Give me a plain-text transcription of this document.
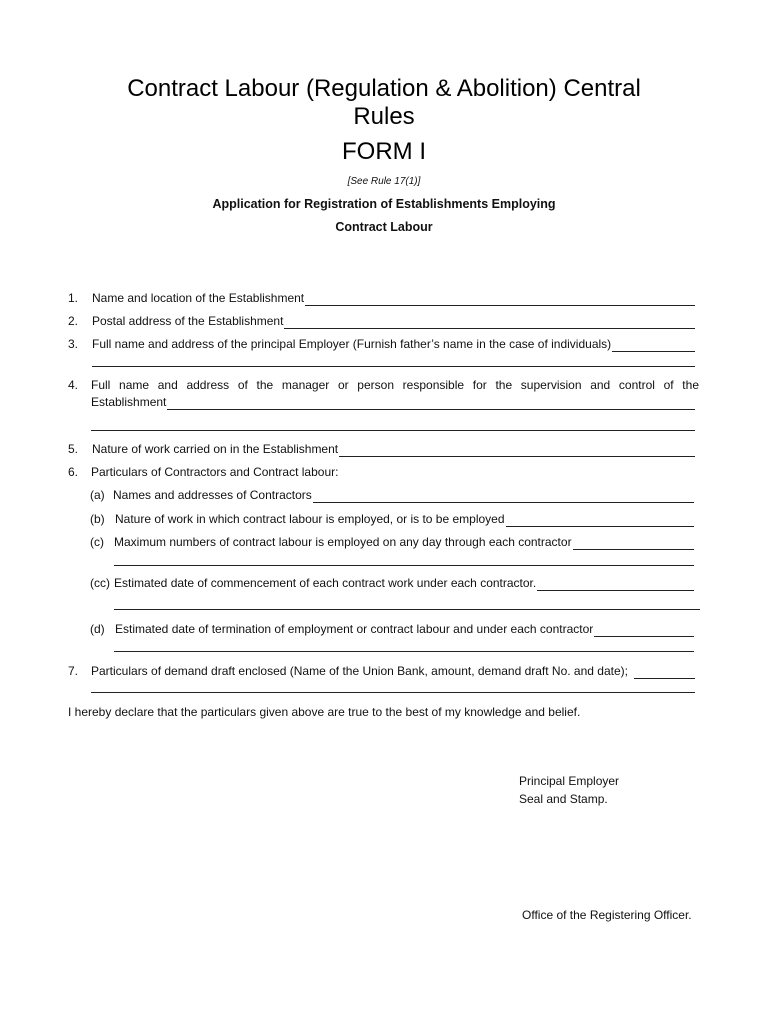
Contract Labour (Regulation & Abolition) Central
Rules
FORM I
[See Rule 17(1)]
Application for Registration of Establishments Employing
Contract Labour
1. Name and location of the Establishment
2. Postal address of the Establishment
3. Full name and address of the principal Employer (Furnish father’s name in the case of individuals)
4. Full name and address of the manager or person responsible for the supervision and control of the
Establishment
5. Nature of work carried on in the Establishment
6. Particulars of Contractors and Contract labour:
(a) Names and addresses of Contractors
(b) Nature of work in which contract labour is employed, or is to be employed
(c) Maximum numbers of contract labour is employed on any day through each contractor
(cc) Estimated date of commencement of each contract work under each contractor.
(d) Estimated date of termination of employment or contract labour and under each contractor
7. Particulars of demand draft enclosed (Name of the Union Bank, amount, demand draft No. and date);
I hereby declare that the particulars given above are true to the best of my knowledge and belief.
Principal Employer
Seal and Stamp.
Office of the Registering Officer.
